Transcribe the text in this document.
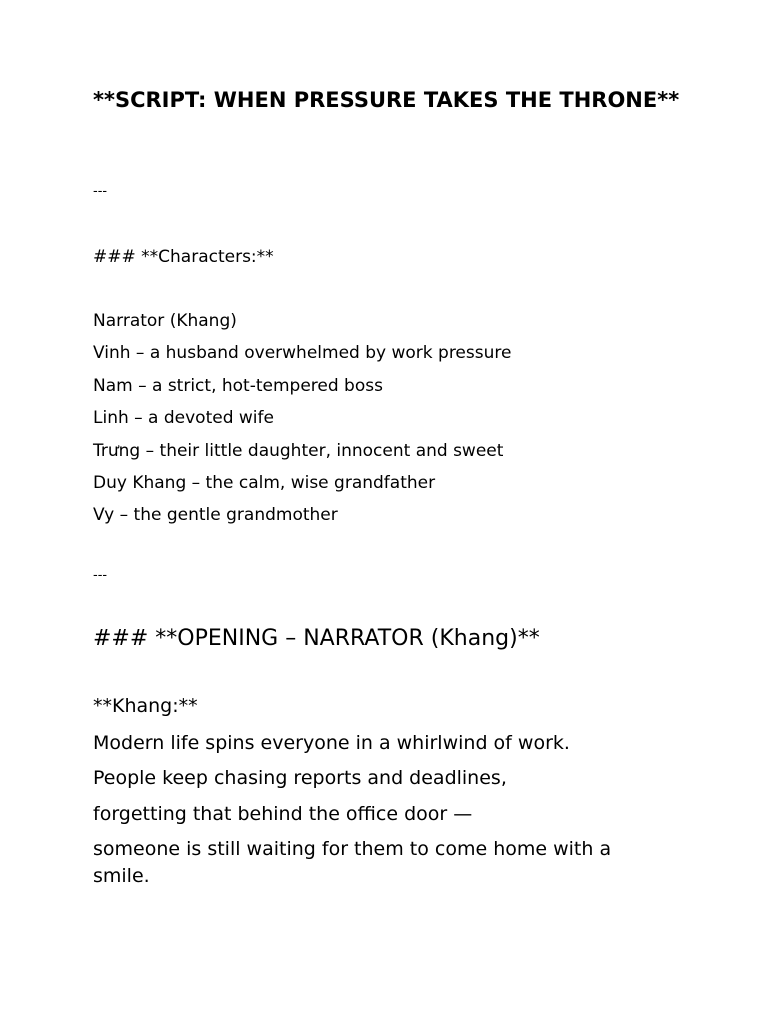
**SCRIPT: WHEN PRESSURE TAKES THE THRONE**

---

### **Characters:**
Narrator (Khang)
Vinh – a husband overwhelmed by work pressure
Nam – a strict, hot-tempered boss
Linh – a devoted wife
Trưng – their little daughter, innocent and sweet
Duy Khang – the calm, wise grandfather
Vy – the gentle grandmother

---

### **OPENING – NARRATOR (Khang)**

**Khang:**

Modern life spins everyone in a whirlwind of work.
People keep chasing reports and deadlines,
forgetting that behind the office door —
someone is still waiting for them to come home with a smile.
